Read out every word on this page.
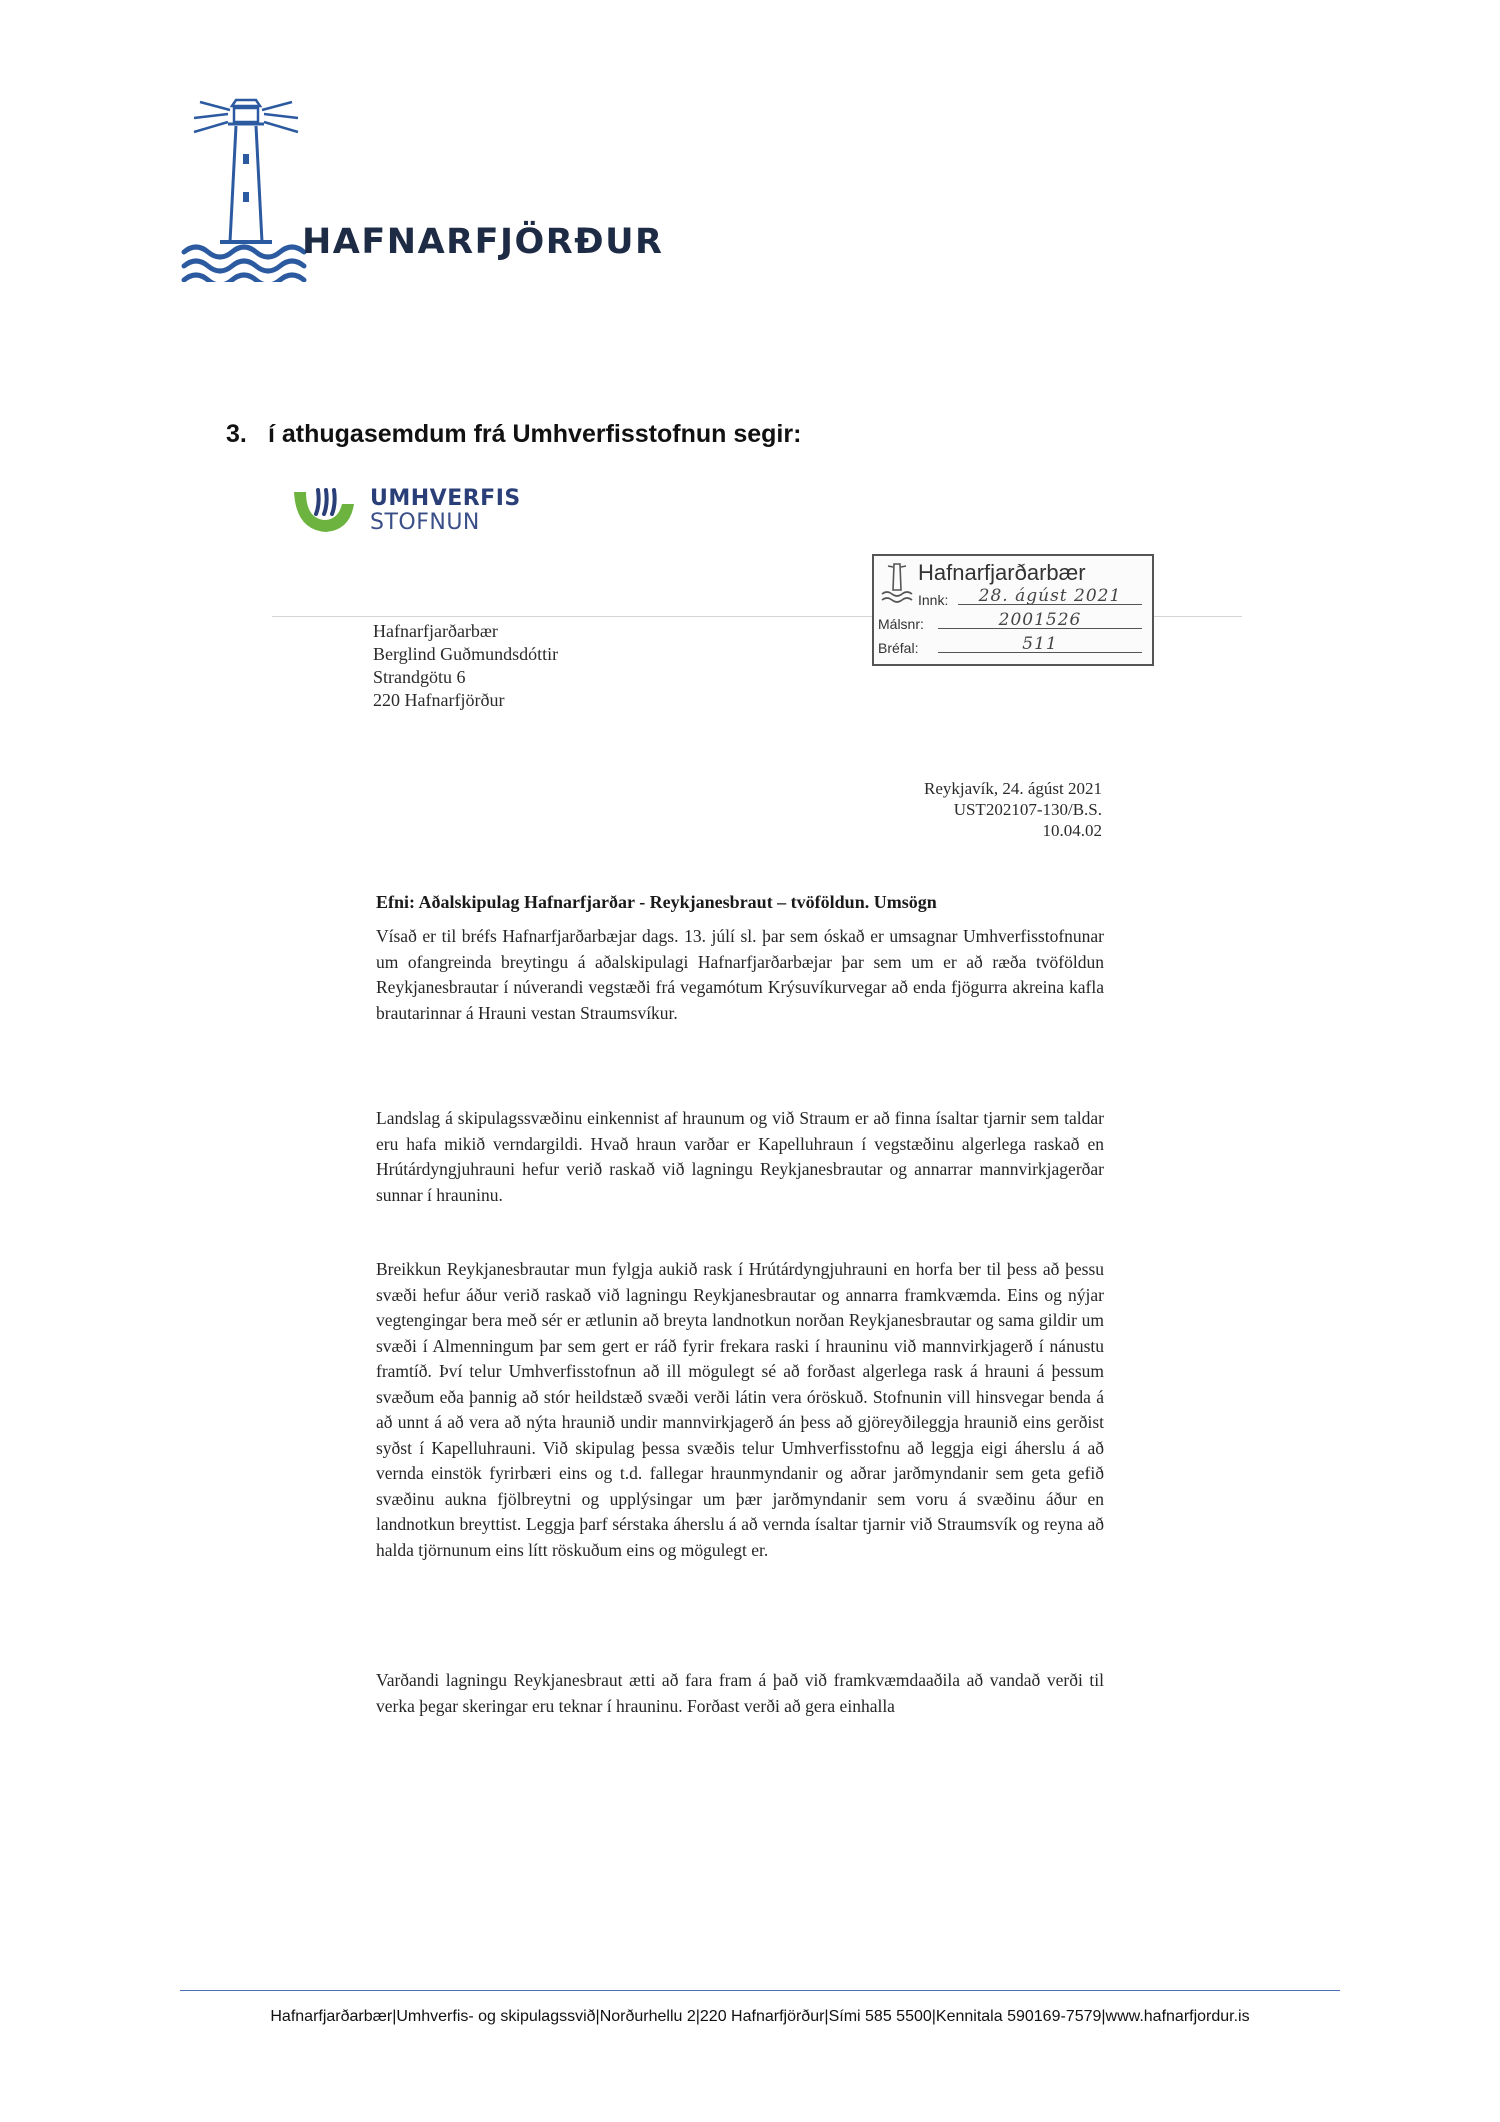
HAFNARFJÖRÐUR
3. í athugasemdum frá Umhverfisstofnun segir:
UMHVERFIS
STOFNUN
Hafnarfjarðarbær
Innk:	28. ágúst 2021
Málsnr:	2001526
Bréfal:	511
Hafnarfjarðarbær
Berglind Guðmundsdóttir
Strandgötu 6
220 Hafnarfjörður
Reykjavík, 24. ágúst 2021
UST202107-130/B.S.
10.04.02
Efni: Aðalskipulag Hafnarfjarðar - Reykjanesbraut – tvöföldun. Umsögn

Vísað er til bréfs Hafnarfjarðarbæjar dags. 13. júlí sl. þar sem óskað er umsagnar Umhverfisstofnunar um ofangreinda breytingu á aðalskipulagi Hafnarfjarðarbæjar þar sem um er að ræða tvöföldun Reykjanesbrautar í núverandi vegstæði frá vegamótum Krýsuvíkurvegar að enda fjögurra akreina kafla brautarinnar á Hrauni vestan Straumsvíkur.

Landslag á skipulagssvæðinu einkennist af hraunum og við Straum er að finna ísaltar tjarnir sem taldar eru hafa mikið verndargildi. Hvað hraun varðar er Kapelluhraun í vegstæðinu algerlega raskað en Hrútárdyngjuhrauni hefur verið raskað við lagningu Reykjanesbrautar og annarrar mannvirkjagerðar sunnar í hrauninu.

Breikkun Reykjanesbrautar mun fylgja aukið rask í Hrútárdyngjuhrauni en horfa ber til þess að þessu svæði hefur áður verið raskað við lagningu Reykjanesbrautar og annarra framkvæmda. Eins og nýjar vegtengingar bera með sér er ætlunin að breyta landnotkun norðan Reykjanesbrautar og sama gildir um svæði í Almenningum þar sem gert er ráð fyrir frekara raski í hrauninu við mannvirkjagerð í nánustu framtíð. Því telur Umhverfisstofnun að ill mögulegt sé að forðast algerlega rask á hrauni á þessum svæðum eða þannig að stór heildstæð svæði verði látin vera óröskuð. Stofnunin vill hinsvegar benda á að unnt á að vera að nýta hraunið undir mannvirkjagerð án þess að gjöreyðileggja hraunið eins gerðist syðst í Kapelluhrauni. Við skipulag þessa svæðis telur Umhverfisstofnu að leggja eigi áherslu á að vernda einstök fyrirbæri eins og t.d. fallegar hraunmyndanir og aðrar jarðmyndanir sem geta gefið svæðinu aukna fjölbreytni og upplýsingar um þær jarðmyndanir sem voru á svæðinu áður en landnotkun breyttist. Leggja þarf sérstaka áherslu á að vernda ísaltar tjarnir við Straumsvík og reyna að halda tjörnunum eins lítt röskuðum eins og mögulegt er.

Varðandi lagningu Reykjanesbraut ætti að fara fram á það við framkvæmdaaðila að vandað verði til verka þegar skeringar eru teknar í hrauninu. Forðast verði að gera einhalla

Hafnarfjarðarbær|Umhverfis- og skipulagssvið|Norðurhellu 2|220 Hafnarfjörður|Sími 585 5500|Kennitala 590169-7579|www.hafnarfjordur.is
